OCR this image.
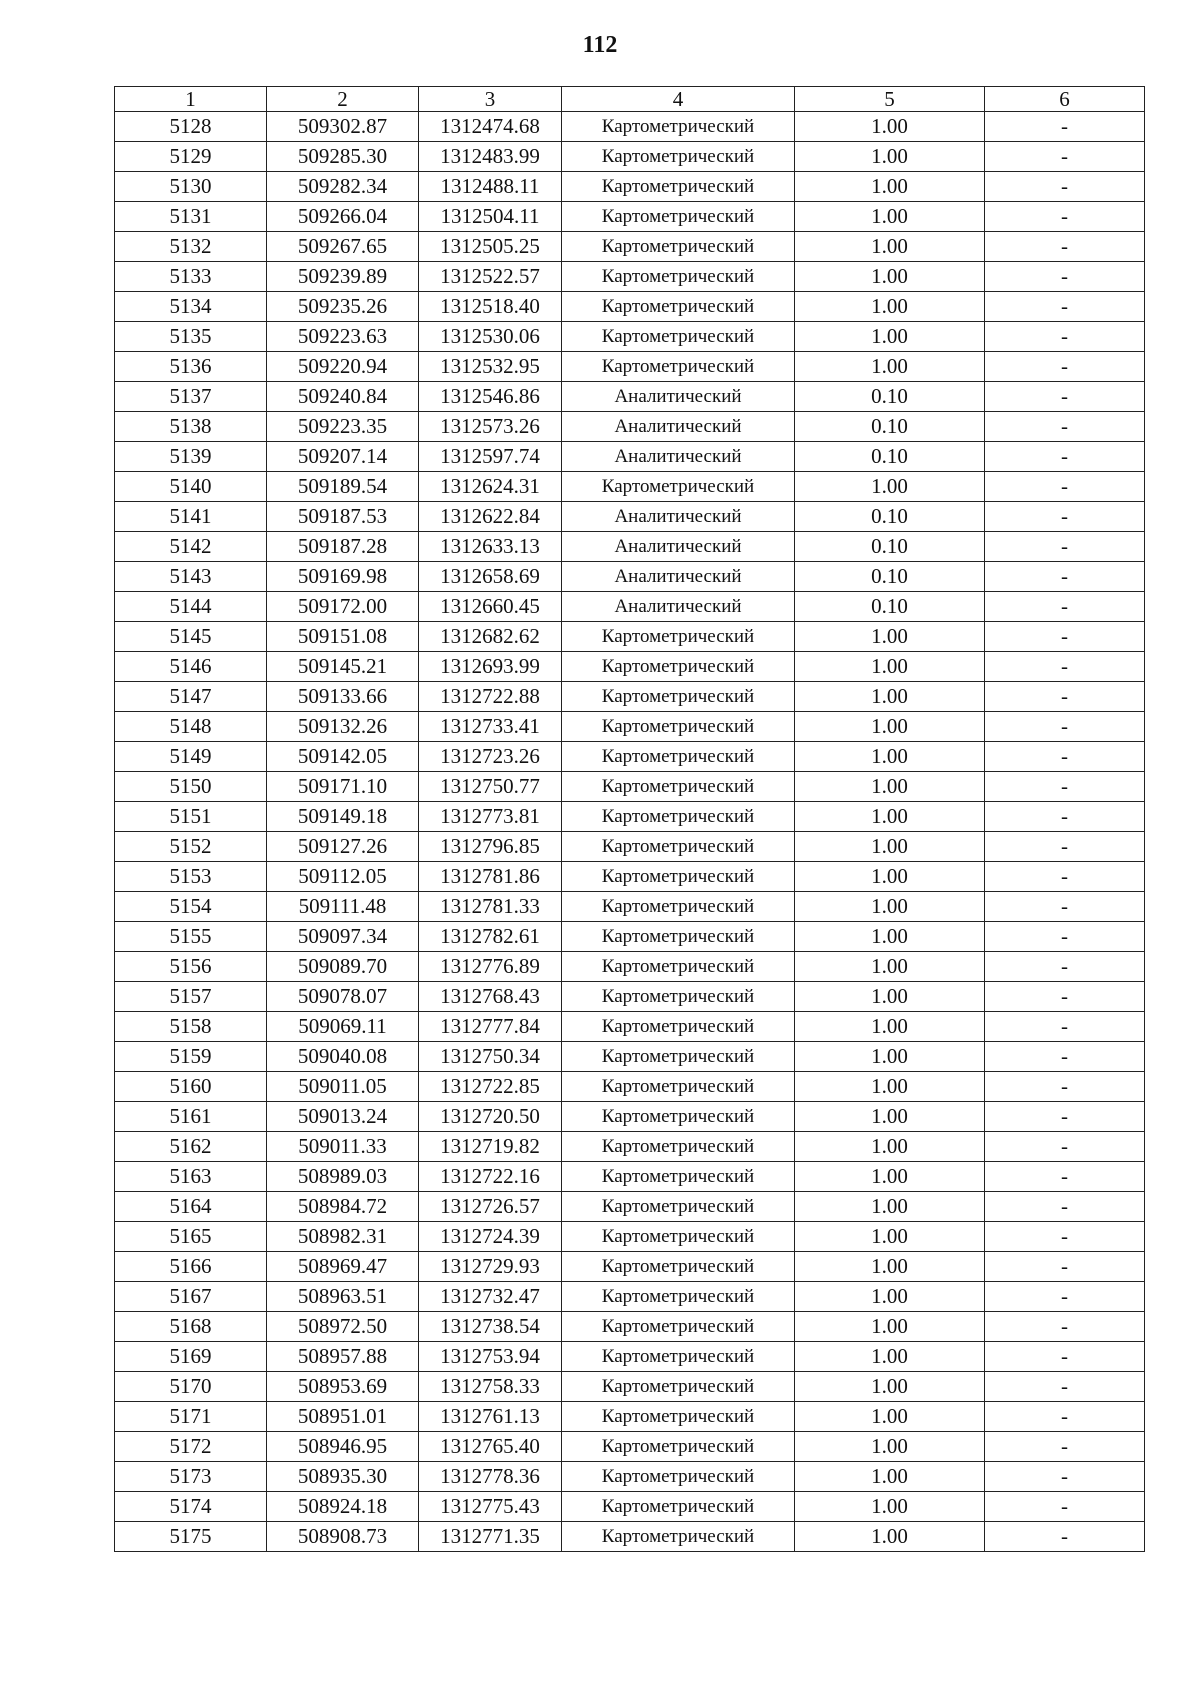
112
1	2	3	4	5	6
5128	509302.87	1312474.68	Картометрический	1.00	-
5129	509285.30	1312483.99	Картометрический	1.00	-
5130	509282.34	1312488.11	Картометрический	1.00	-
5131	509266.04	1312504.11	Картометрический	1.00	-
5132	509267.65	1312505.25	Картометрический	1.00	-
5133	509239.89	1312522.57	Картометрический	1.00	-
5134	509235.26	1312518.40	Картометрический	1.00	-
5135	509223.63	1312530.06	Картометрический	1.00	-
5136	509220.94	1312532.95	Картометрический	1.00	-
5137	509240.84	1312546.86	Аналитический	0.10	-
5138	509223.35	1312573.26	Аналитический	0.10	-
5139	509207.14	1312597.74	Аналитический	0.10	-
5140	509189.54	1312624.31	Картометрический	1.00	-
5141	509187.53	1312622.84	Аналитический	0.10	-
5142	509187.28	1312633.13	Аналитический	0.10	-
5143	509169.98	1312658.69	Аналитический	0.10	-
5144	509172.00	1312660.45	Аналитический	0.10	-
5145	509151.08	1312682.62	Картометрический	1.00	-
5146	509145.21	1312693.99	Картометрический	1.00	-
5147	509133.66	1312722.88	Картометрический	1.00	-
5148	509132.26	1312733.41	Картометрический	1.00	-
5149	509142.05	1312723.26	Картометрический	1.00	-
5150	509171.10	1312750.77	Картометрический	1.00	-
5151	509149.18	1312773.81	Картометрический	1.00	-
5152	509127.26	1312796.85	Картометрический	1.00	-
5153	509112.05	1312781.86	Картометрический	1.00	-
5154	509111.48	1312781.33	Картометрический	1.00	-
5155	509097.34	1312782.61	Картометрический	1.00	-
5156	509089.70	1312776.89	Картометрический	1.00	-
5157	509078.07	1312768.43	Картометрический	1.00	-
5158	509069.11	1312777.84	Картометрический	1.00	-
5159	509040.08	1312750.34	Картометрический	1.00	-
5160	509011.05	1312722.85	Картометрический	1.00	-
5161	509013.24	1312720.50	Картометрический	1.00	-
5162	509011.33	1312719.82	Картометрический	1.00	-
5163	508989.03	1312722.16	Картометрический	1.00	-
5164	508984.72	1312726.57	Картометрический	1.00	-
5165	508982.31	1312724.39	Картометрический	1.00	-
5166	508969.47	1312729.93	Картометрический	1.00	-
5167	508963.51	1312732.47	Картометрический	1.00	-
5168	508972.50	1312738.54	Картометрический	1.00	-
5169	508957.88	1312753.94	Картометрический	1.00	-
5170	508953.69	1312758.33	Картометрический	1.00	-
5171	508951.01	1312761.13	Картометрический	1.00	-
5172	508946.95	1312765.40	Картометрический	1.00	-
5173	508935.30	1312778.36	Картометрический	1.00	-
5174	508924.18	1312775.43	Картометрический	1.00	-
5175	508908.73	1312771.35	Картометрический	1.00	-
